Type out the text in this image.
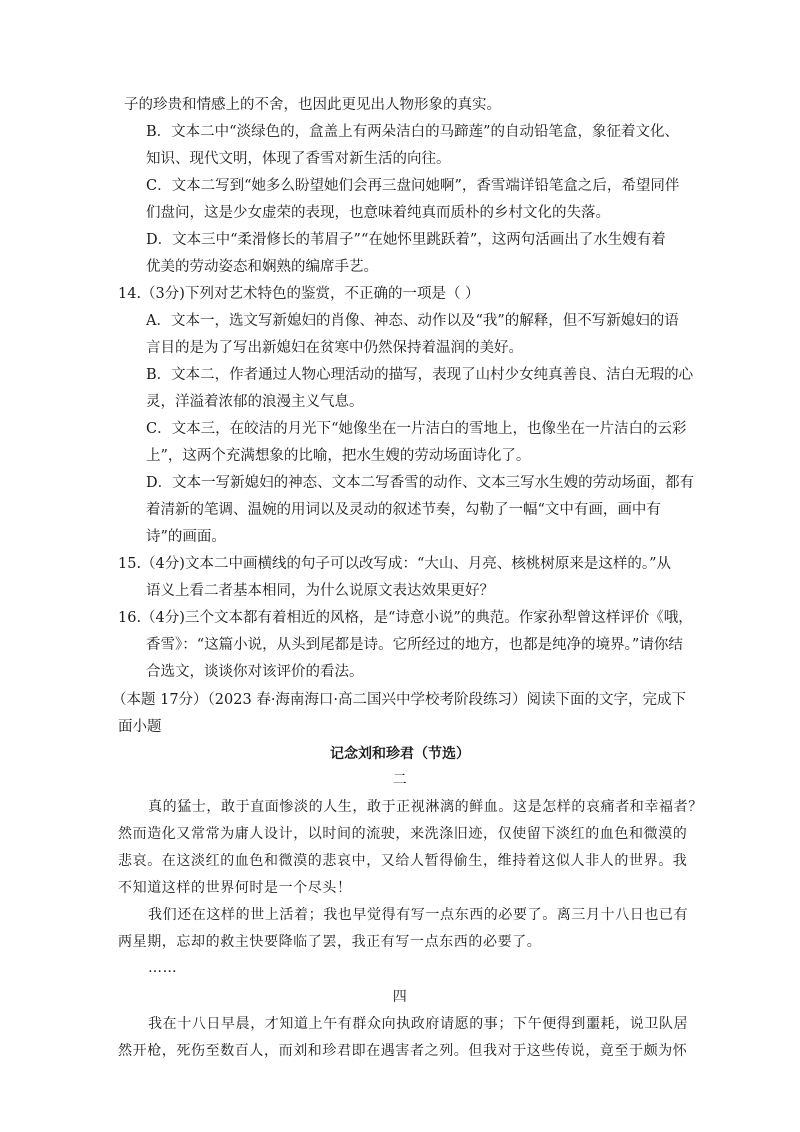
子的珍贵和情感上的不舍，也因此更见出人物形象的真实。
B．文本二中“淡绿色的，盒盖上有两朵洁白的马蹄莲”的自动铅笔盒，象征着文化、
知识、现代文明，体现了香雪对新生活的向往。
C．文本二写到“她多么盼望她们会再三盘问她啊”，香雪端详铅笔盒之后，希望同伴
们盘问，这是少女虚荣的表现，也意味着纯真而质朴的乡村文化的失落。
D．文本三中“柔滑修长的苇眉子”“在她怀里跳跃着”，这两句活画出了水生嫂有着
优美的劳动姿态和娴熟的编席手艺。
14.（3分)下列对艺术特色的鉴赏，不正确的一项是（ ）
A．文本一，选文写新媳妇的肖像、神态、动作以及“我”的解释，但不写新媳妇的语
言目的是为了写出新媳妇在贫寒中仍然保持着温润的美好。
B．文本二，作者通过人物心理活动的描写，表现了山村少女纯真善良、洁白无瑕的心
灵，洋溢着浓郁的浪漫主义气息。
C．文本三，在皎洁的月光下“她像坐在一片洁白的雪地上，也像坐在一片洁白的云彩
上”，这两个充满想象的比喻，把水生嫂的劳动场面诗化了。
D．文本一写新媳妇的神态、文本二写香雪的动作、文本三写水生嫂的劳动场面，都有
着清新的笔调、温婉的用词以及灵动的叙述节奏，勾勒了一幅“文中有画，画中有
诗”的画面。
15.（4分)文本二中画横线的句子可以改写成：“大山、月亮、核桃树原来是这样的。”从
语义上看二者基本相同，为什么说原文表达效果更好？
16.（4分)三个文本都有着相近的风格，是“诗意小说”的典范。作家孙犁曾这样评价《哦，
香雪》：“这篇小说，从头到尾都是诗。它所经过的地方，也都是纯净的境界。”请你结
合选文，谈谈你对该评价的看法。
（本题 17分）（2023 春·海南海口·高二国兴中学校考阶段练习）阅读下面的文字，完成下
面小题
记念刘和珍君（节选）
二
真的猛士，敢于直面惨淡的人生，敢于正视淋漓的鲜血。这是怎样的哀痛者和幸福者？
然而造化又常常为庸人设计，以时间的流驶，来洗涤旧迹，仅使留下淡红的血色和微漠的
悲哀。在这淡红的血色和微漠的悲哀中，又给人暂得偷生，维持着这似人非人的世界。我
不知道这样的世界何时是一个尽头！
我们还在这样的世上活着；我也早觉得有写一点东西的必要了。离三月十八日也已有
两星期，忘却的救主快要降临了罢，我正有写一点东西的必要了。
……
四
我在十八日早晨，才知道上午有群众向执政府请愿的事；下午便得到噩耗，说卫队居
然开枪，死伤至数百人，而刘和珍君即在遇害者之列。但我对于这些传说，竟至于颇为怀
